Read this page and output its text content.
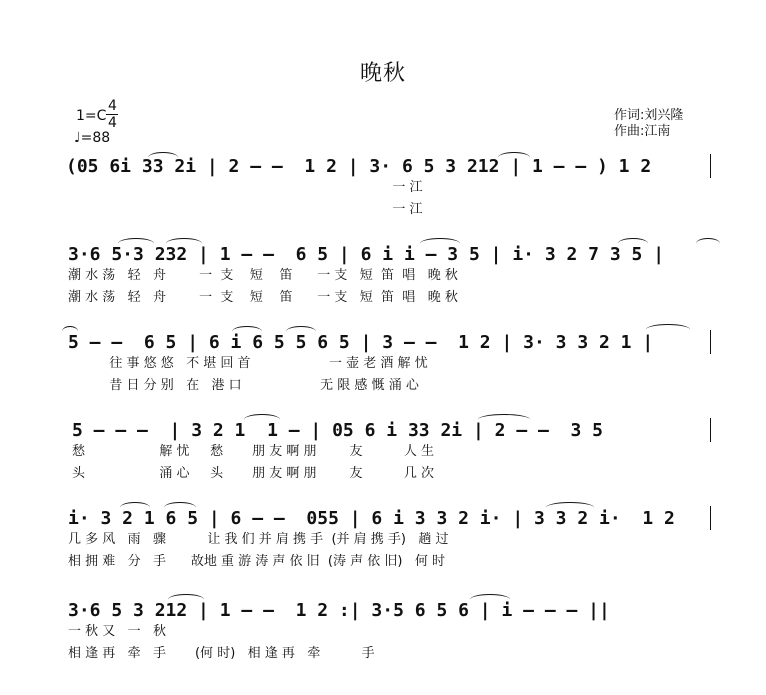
晚秋
1=C
4
4
♩=88
作词:刘兴隆
作曲:江南
(05 6i 33 2i | 2 — —  1 2 | 3· 6 5 3 212 | 1 — — ) 1 2
一 江
一 江
3·6 5·3 232 | 1 — —  6 5 | 6 i i — 3 5 | i· 3 2 7 3 5 |
潮 水 荡   轻   舟        一  支    短    笛      一 支   短  笛  唱   晚 秋
潮 水 荡   轻   舟        一  支    短    笛      一 支   短  笛  唱   晚 秋
5 — —  6 5 | 6 i 6 5 5 6 5 | 3 — —  1 2 | 3· 3 3 2 1 |
往 事 悠 悠   不 堪 回 首                   一 壶 老 酒 解 忧
昔 日 分 别   在   港 口                   无 限 感 慨 涌 心
5 — — —  | 3 2 1  1 — | 05 6 i 33 2i | 2 — —  3 5
愁                  解 忧     愁       朋 友 啊 朋        友          人 生
头                  涌 心     头       朋 友 啊 朋        友          几 次
i· 3 2 1 6 5 | 6 — —  055 | 6 i 3 3 2 i· | 3 3 2 i·  1 2
几 多 风   雨   骤          让 我 们 并 肩 携 手  (并 肩 携 手)   趟 过
相 拥 难   分   手      故地 重 游 涛 声 依 旧  (涛 声 依 旧)   何 时
3·6 5 3 212 | 1 — —  1 2 :| 3·5 6 5 6 | i — — — ||
一 秋 又   一   秋
相 逢 再   牵   手       (何 时)   相 逢 再   牵          手
